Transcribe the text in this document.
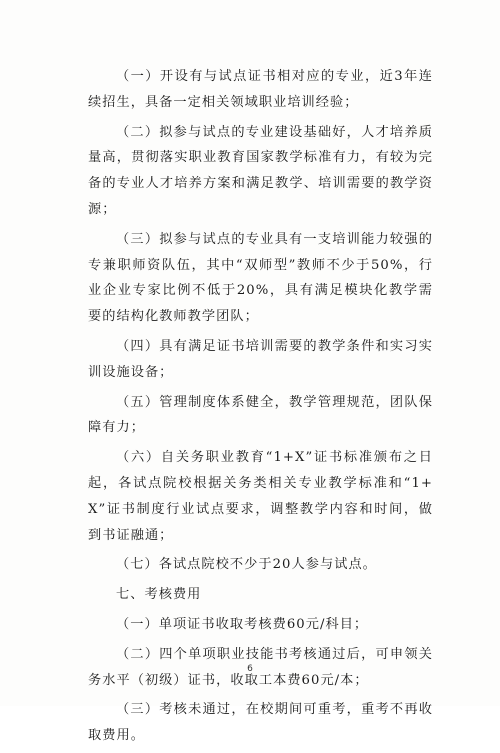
（一）开设有与试点证书相对应的专业，近3年连续招生，具备一定相关领域职业培训经验；

（二）拟参与试点的专业建设基础好，人才培养质量高，贯彻落实职业教育国家教学标准有力，有较为完备的专业人才培养方案和满足教学、培训需要的教学资源；

（三）拟参与试点的专业具有一支培训能力较强的专兼职师资队伍，其中“双师型”教师不少于50%，行业企业专家比例不低于20%，具有满足模块化教学需要的结构化教师教学团队；

（四）具有满足证书培训需要的教学条件和实习实训设施设备；

（五）管理制度体系健全，教学管理规范，团队保障有力；

（六）自关务职业教育“1+X”证书标准颁布之日起，各试点院校根据关务类相关专业教学标准和“1+X”证书制度行业试点要求，调整教学内容和时间，做到书证融通；

（七）各试点院校不少于20人参与试点。

七、考核费用

（一）单项证书收取考核费60元/科目；

（二）四个单项职业技能书考核通过后，可申领关务水平（初级）证书，收取工本费60元/本；

（三）考核未通过，在校期间可重考，重考不再收取费用。

6
